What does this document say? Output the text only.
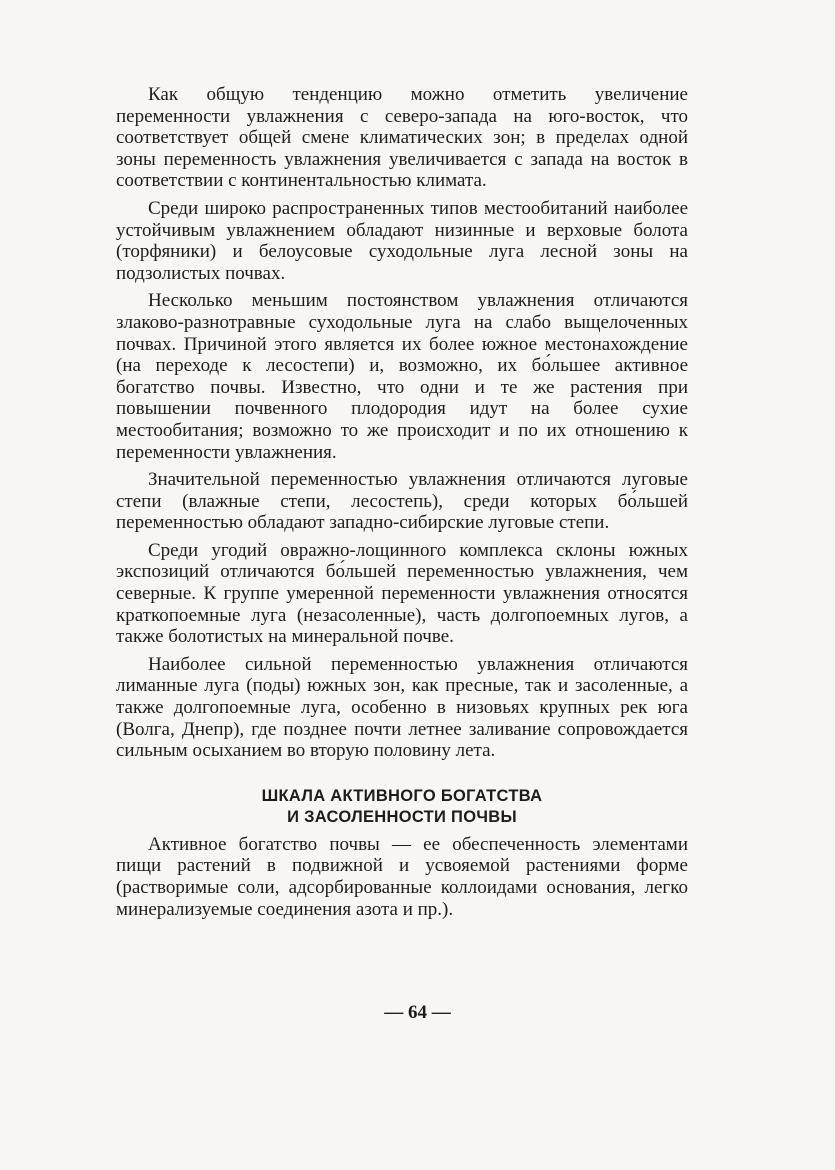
Как общую тенденцию можно отметить увеличение переменности увлажнения с северо-запада на юго-восток, что соответствует общей смене климатических зон; в пределах одной зоны переменность увлажнения увеличивается с запада на восток в соответствии с континентальностью климата.

Среди широко распространенных типов местообитаний наиболее устойчивым увлажнением обладают низинные и верховые болота (торфяники) и белоусовые суходольные луга лесной зоны на подзолистых почвах.

Несколько меньшим постоянством увлажнения отличаются злаково-разнотравные суходольные луга на слабо выщелоченных почвах. Причиной этого является их более южное местонахождение (на переходе к лесостепи) и, возможно, их бо́льшее активное богатство почвы. Известно, что одни и те же растения при повышении почвенного плодородия идут на более сухие местообитания; возможно то же происходит и по их отношению к переменности увлажнения.

Значительной переменностью увлажнения отличаются луговые степи (влажные степи, лесостепь), среди которых бо́льшей переменностью обладают западно-сибирские луговые степи.

Среди угодий овражно-лощинного комплекса склоны южных экспозиций отличаются бо́льшей переменностью увлажнения, чем северные. К группе умеренной переменности увлажнения относятся краткопоемные луга (незасоленные), часть долгопоемных лугов, а также болотистых на минеральной почве.

Наиболее сильной переменностью увлажнения отличаются лиманные луга (поды) южных зон, как пресные, так и засоленные, а также долгопоемные луга, особенно в низовьях крупных рек юга (Волга, Днепр), где позднее почти летнее заливание сопровождается сильным осыханием во вторую половину лета.

ШКАЛА АКТИВНОГО БОГАТСТВА
И ЗАСОЛЕННОСТИ ПОЧВЫ

Активное богатство почвы — ее обеспеченность элементами пищи растений в подвижной и усвояемой растениями форме (растворимые соли, адсорбированные коллоидами основания, легко минерализуемые соединения азота и пр.).

— 64 —
